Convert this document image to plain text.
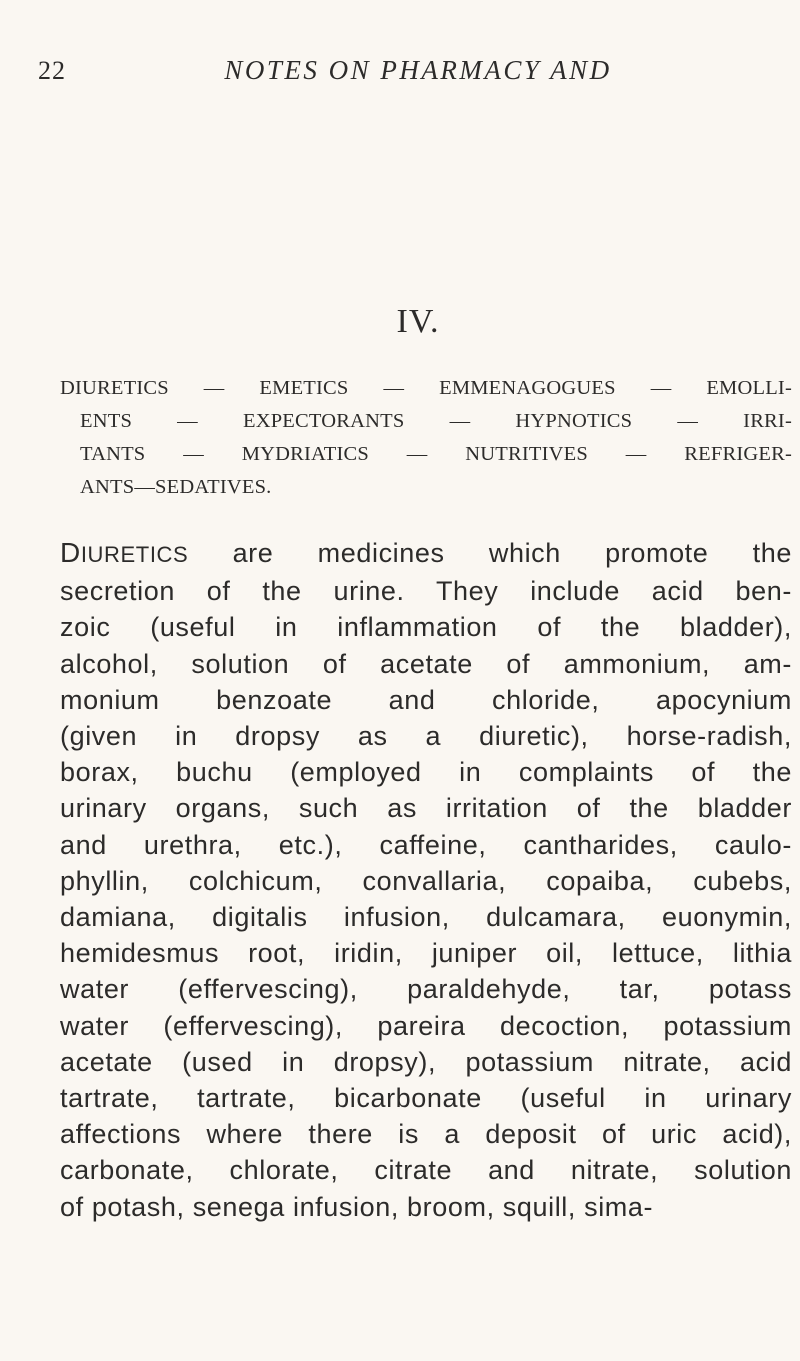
22	NOTES ON PHARMACY AND
IV.
DIURETICS — EMETICS — EMMENAGOGUES — EMOLLI-
ENTS — EXPECTORANTS — HYPNOTICS — IRRI-
TANTS — MYDRIATICS — NUTRITIVES — REFRIGER-
ANTS—SEDATIVES.
DIURETICS are medicines which promote the
secretion of the urine. They include acid ben-
zoic (useful in inflammation of the bladder),
alcohol, solution of acetate of ammonium, am-
monium benzoate and chloride, apocynium
(given in dropsy as a diuretic), horse-radish,
borax, buchu (employed in complaints of the
urinary organs, such as irritation of the bladder
and urethra, etc.), caffeine, cantharides, caulo-
phyllin, colchicum, convallaria, copaiba, cubebs,
damiana, digitalis infusion, dulcamara, euonymin,
hemidesmus root, iridin, juniper oil, lettuce, lithia
water (effervescing), paraldehyde, tar, potass
water (effervescing), pareira decoction, potassium
acetate (used in dropsy), potassium nitrate, acid
tartrate, tartrate, bicarbonate (useful in urinary
affections where there is a deposit of uric acid),
carbonate, chlorate, citrate and nitrate, solution
of potash, senega infusion, broom, squill, sima-
